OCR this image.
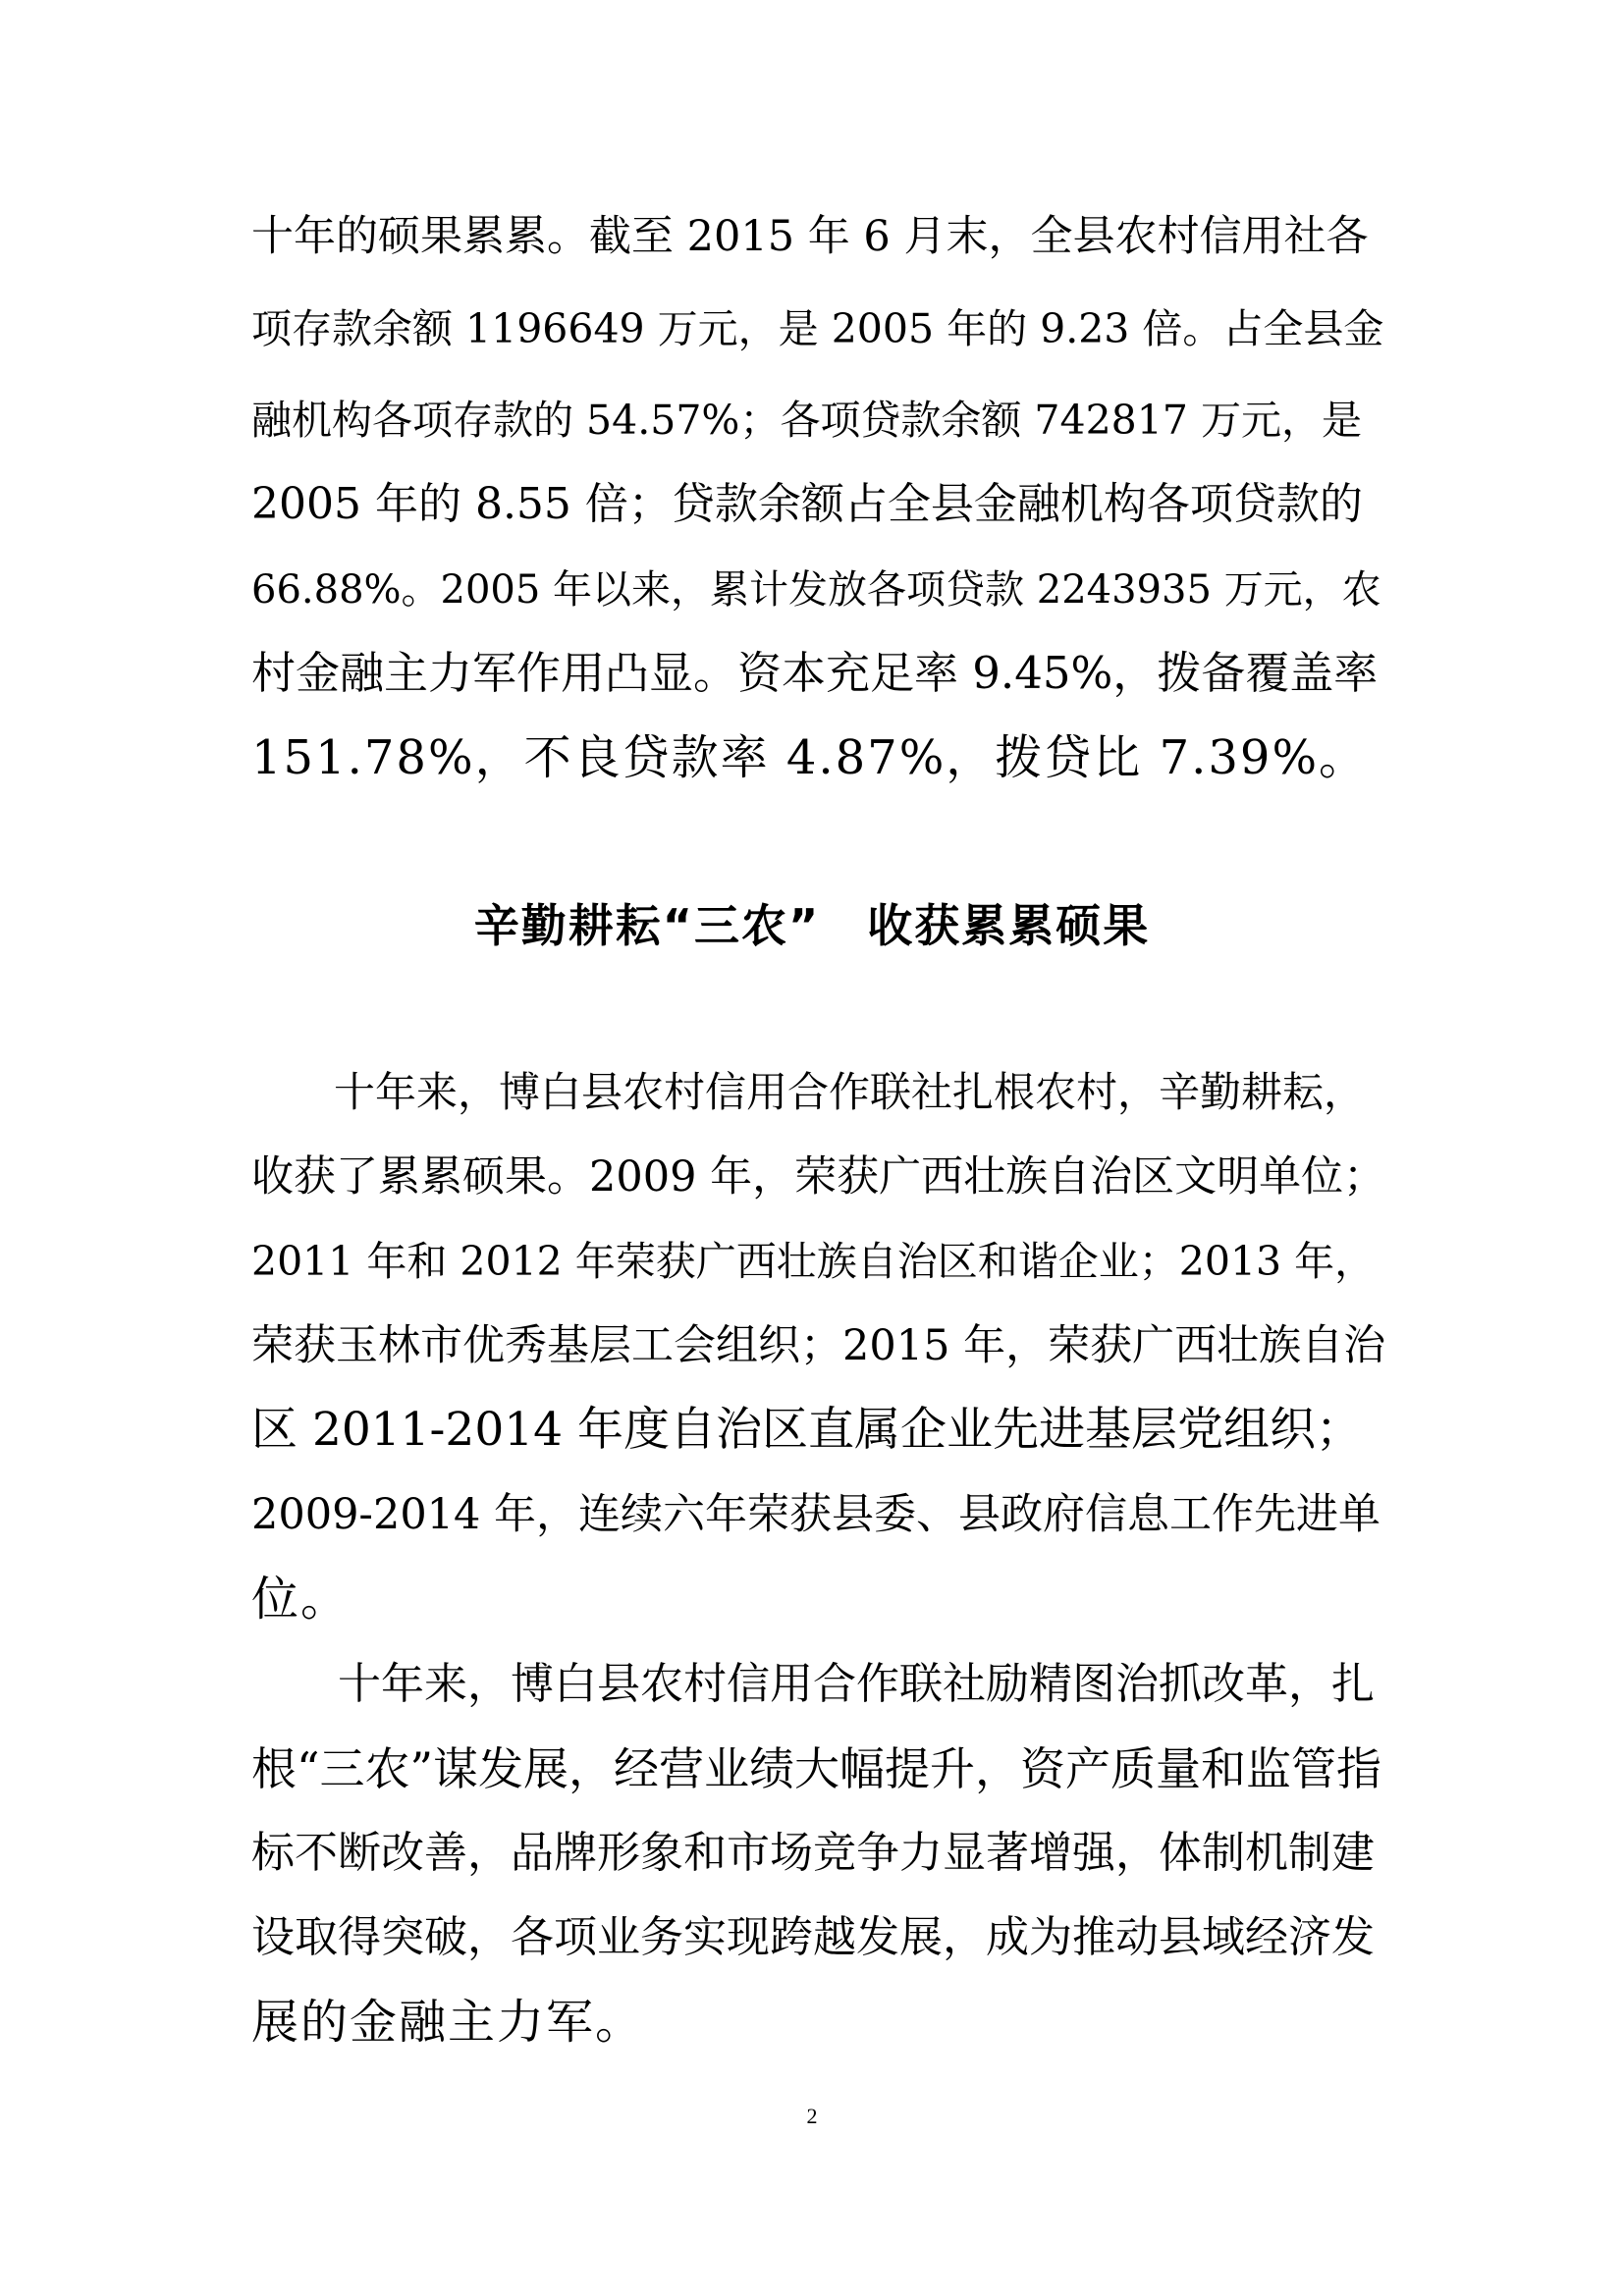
十年的硕果累累。截至 2015 年 6 月末，全县农村信用社各
项存款余额 1196649 万元，是 2005 年的 9.23 倍。占全县金
融机构各项存款的 54.57%；各项贷款余额 742817 万元，是
2005 年的 8.55 倍；贷款余额占全县金融机构各项贷款的
66.88%。2005 年以来，累计发放各项贷款 2243935 万元，农
村金融主力军作用凸显。资本充足率 9.45%，拨备覆盖率
151.78%，不良贷款率 4.87%，拨贷比 7.39%。
辛勤耕耘“三农”　收获累累硕果
　　十年来，博白县农村信用合作联社扎根农村，辛勤耕耘，
收获了累累硕果。2009 年，荣获广西壮族自治区文明单位；
2011 年和 2012 年荣获广西壮族自治区和谐企业；2013 年，
荣获玉林市优秀基层工会组织；2015 年，荣获广西壮族自治
区 2011-2014 年度自治区直属企业先进基层党组织；
2009-2014 年，连续六年荣获县委、县政府信息工作先进单
位。
　　十年来，博白县农村信用合作联社励精图治抓改革，扎
根“三农”谋发展，经营业绩大幅提升，资产质量和监管指
标不断改善，品牌形象和市场竞争力显著增强，体制机制建
设取得突破，各项业务实现跨越发展，成为推动县域经济发
展的金融主力军。
2
